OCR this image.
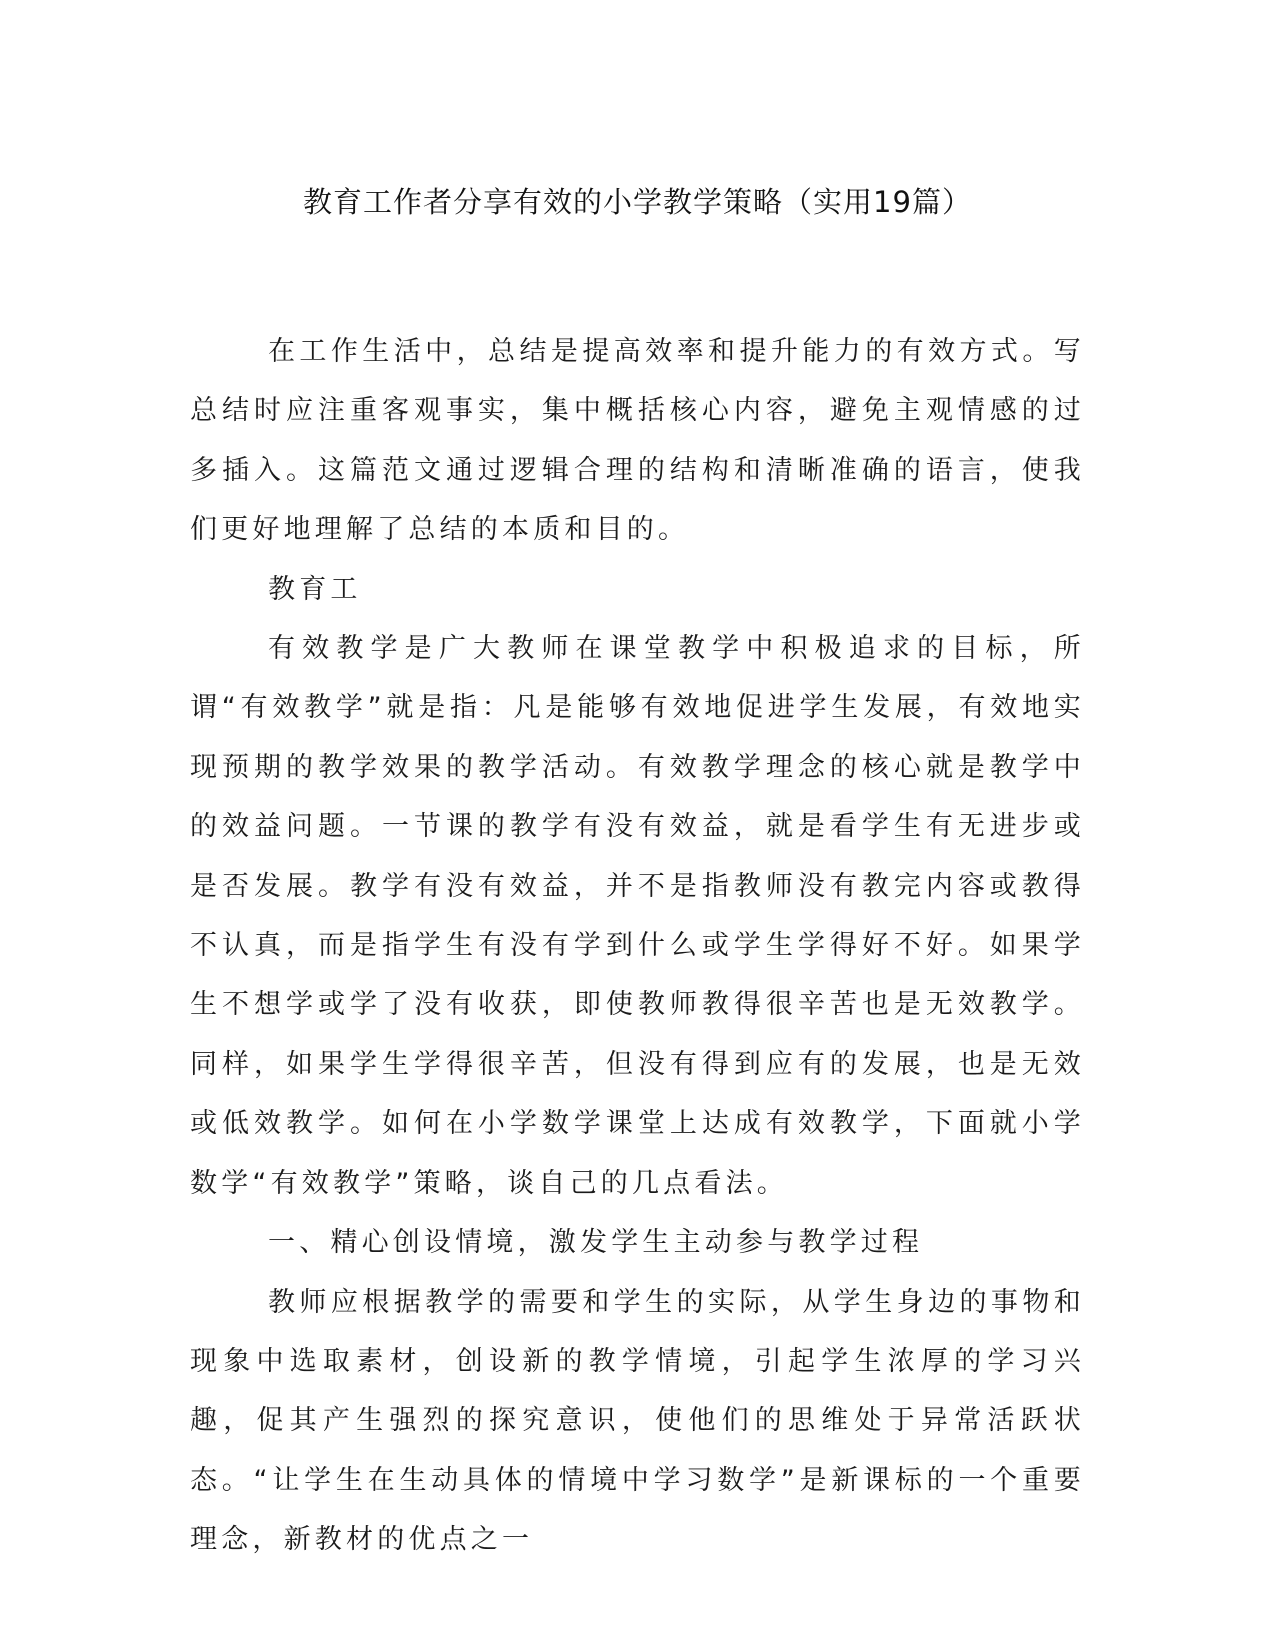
教育工作者分享有效的小学教学策略（实用19篇）

在工作生活中，总结是提高效率和提升能力的有效方式。写总结时应注重客观事实，集中概括核心内容，避免主观情感的过多插入。这篇范文通过逻辑合理的结构和清晰准确的语言，使我们更好地理解了总结的本质和目的。

教育工

有效教学是广大教师在课堂教学中积极追求的目标，所谓“有效教学”就是指：凡是能够有效地促进学生发展，有效地实现预期的教学效果的教学活动。有效教学理念的核心就是教学中的效益问题。一节课的教学有没有效益，就是看学生有无进步或是否发展。教学有没有效益，并不是指教师没有教完内容或教得不认真，而是指学生有没有学到什么或学生学得好不好。如果学生不想学或学了没有收获，即使教师教得很辛苦也是无效教学。同样，如果学生学得很辛苦，但没有得到应有的发展，也是无效或低效教学。如何在小学数学课堂上达成有效教学，下面就小学数学“有效教学”策略，谈自己的几点看法。

一、精心创设情境，激发学生主动参与教学过程

教师应根据教学的需要和学生的实际，从学生身边的事物和现象中选取素材，创设新的教学情境，引起学生浓厚的学习兴趣，促其产生强烈的探究意识，使他们的思维处于异常活跃状态。“让学生在生动具体的情境中学习数学”是新课标的一个重要理念，新教材的优点之一
